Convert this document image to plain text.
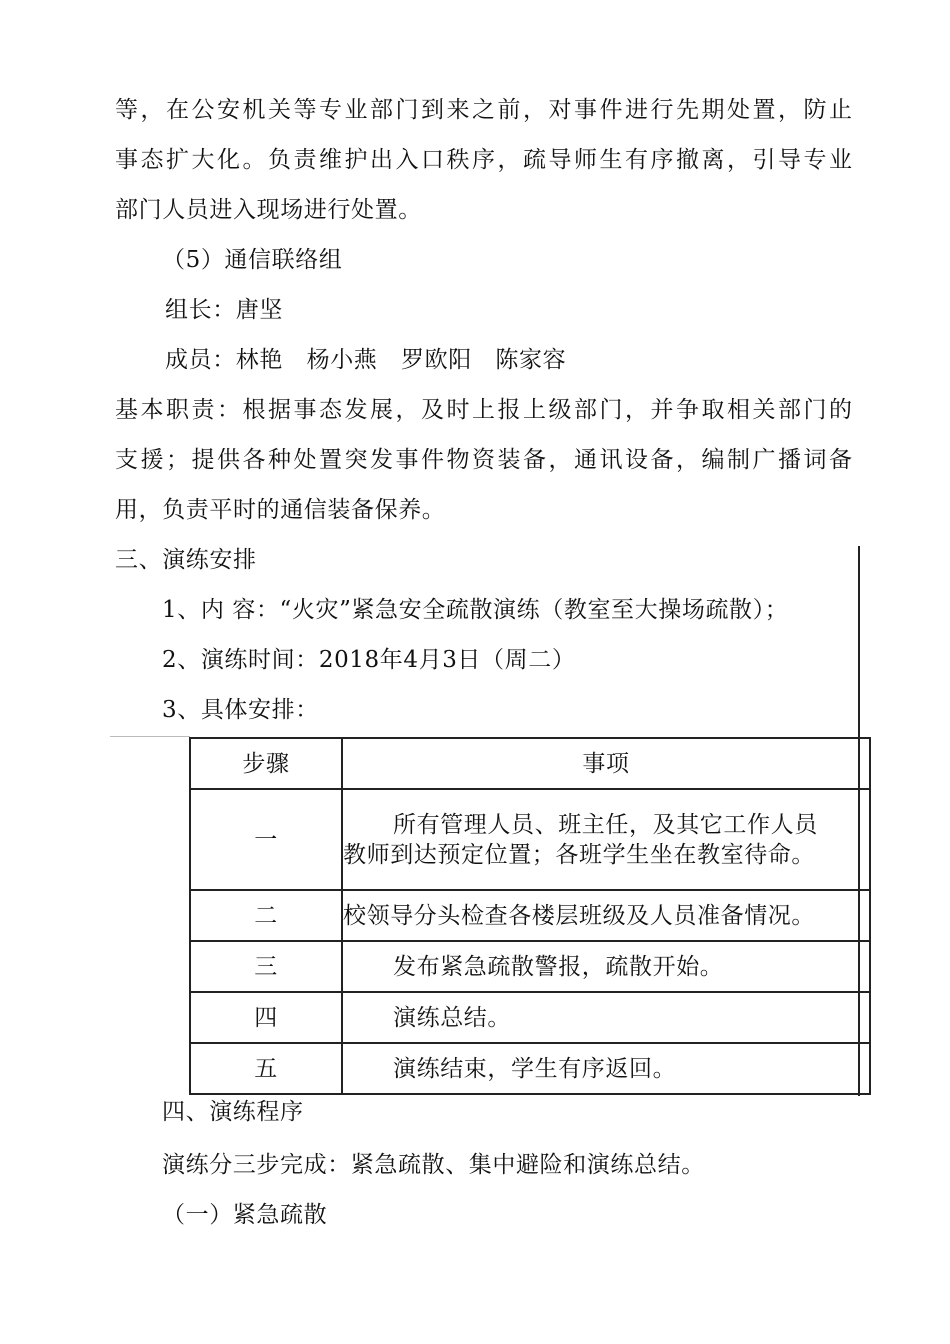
等，在公安机关等专业部门到来之前，对事件进行先期处置，防止

事态扩大化。负责维护出入口秩序，疏导师生有序撤离，引导专业

部门人员进入现场进行处置。

（5）通信联络组

组长：唐坚

成员：林艳　杨小燕　罗欧阳　陈家容

基本职责：根据事态发展，及时上报上级部门，并争取相关部门的

支援；提供各种处置突发事件物资装备，通讯设备，编制广播词备

用，负责平时的通信装备保养。

三、演练安排

1、内 容：“火灾”紧急安全疏散演练（教室至大操场疏散）；

2、演练时间：2018年4月3日（周二）

3、具体安排：

步骤	事项
一	所有管理人员、班主任，及其它工作人员
教师到达预定位置；各班学生坐在教室待命。

二	校领导分头检查各楼层班级及人员准备情况。

三	发布紧急疏散警报，疏散开始。

四	演练总结。

五	演练结束，学生有序返回。

四、演练程序

演练分三步完成：紧急疏散、集中避险和演练总结。

（一）紧急疏散
